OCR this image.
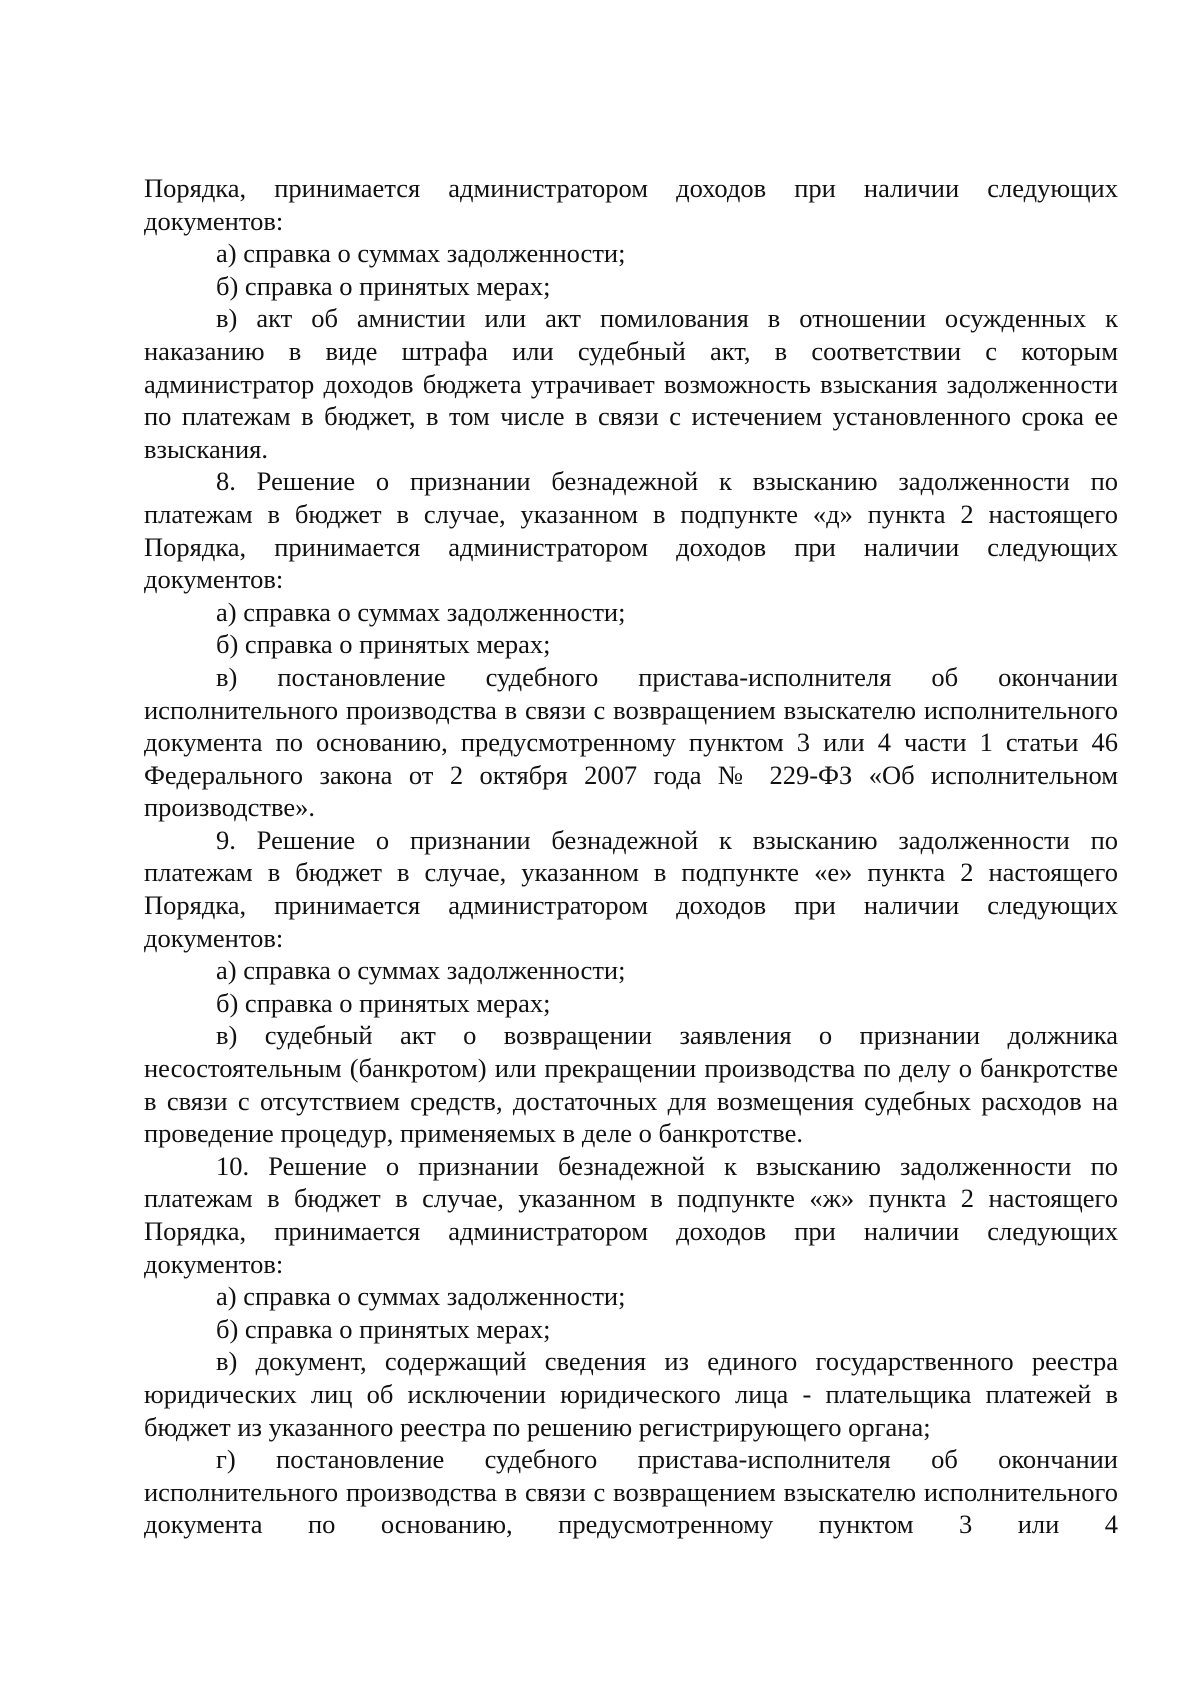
Порядка, принимается администратором доходов при наличии следующих документов:

а) справка о суммах задолженности;

б) справка о принятых мерах;

в) акт об амнистии или акт помилования в отношении осужденных к наказанию в виде штрафа или судебный акт, в соответствии с которым администратор доходов бюджета утрачивает возможность взыскания задолженности по платежам в бюджет, в том числе в связи с истечением установленного срока ее взыскания.

8. Решение о признании безнадежной к взысканию задолженности по платежам в бюджет в случае, указанном в подпункте «д» пункта 2 настоящего Порядка, принимается администратором доходов при наличии следующих документов:

а) справка о суммах задолженности;

б) справка о принятых мерах;

в) постановление судебного пристава-исполнителя об окончании исполнительного производства в связи с возвращением взыскателю исполнительного документа по основанию, предусмотренному пунктом 3 или 4 части 1 статьи 46 Федерального закона от 2 октября 2007 года № 229-ФЗ «Об исполнительном производстве».

9. Решение о признании безнадежной к взысканию задолженности по платежам в бюджет в случае, указанном в подпункте «е» пункта 2 настоящего Порядка, принимается администратором доходов при наличии следующих документов:

а) справка о суммах задолженности;

б) справка о принятых мерах;

в) судебный акт о возвращении заявления о признании должника несостоятельным (банкротом) или прекращении производства по делу о банкротстве в связи с отсутствием средств, достаточных для возмещения судебных расходов на проведение процедур, применяемых в деле о банкротстве.

10. Решение о признании безнадежной к взысканию задолженности по платежам в бюджет в случае, указанном в подпункте «ж» пункта 2 настоящего Порядка, принимается администратором доходов при наличии следующих документов:

а) справка о суммах задолженности;

б) справка о принятых мерах;

в) документ, содержащий сведения из единого государственного реестра юридических лиц об исключении юридического лица - плательщика платежей в бюджет из указанного реестра по решению регистрирующего органа;

г) постановление судебного пристава-исполнителя об окончании исполнительного производства в связи с возвращением взыскателю исполнительного документа по основанию, предусмотренному пунктом 3 или 4
